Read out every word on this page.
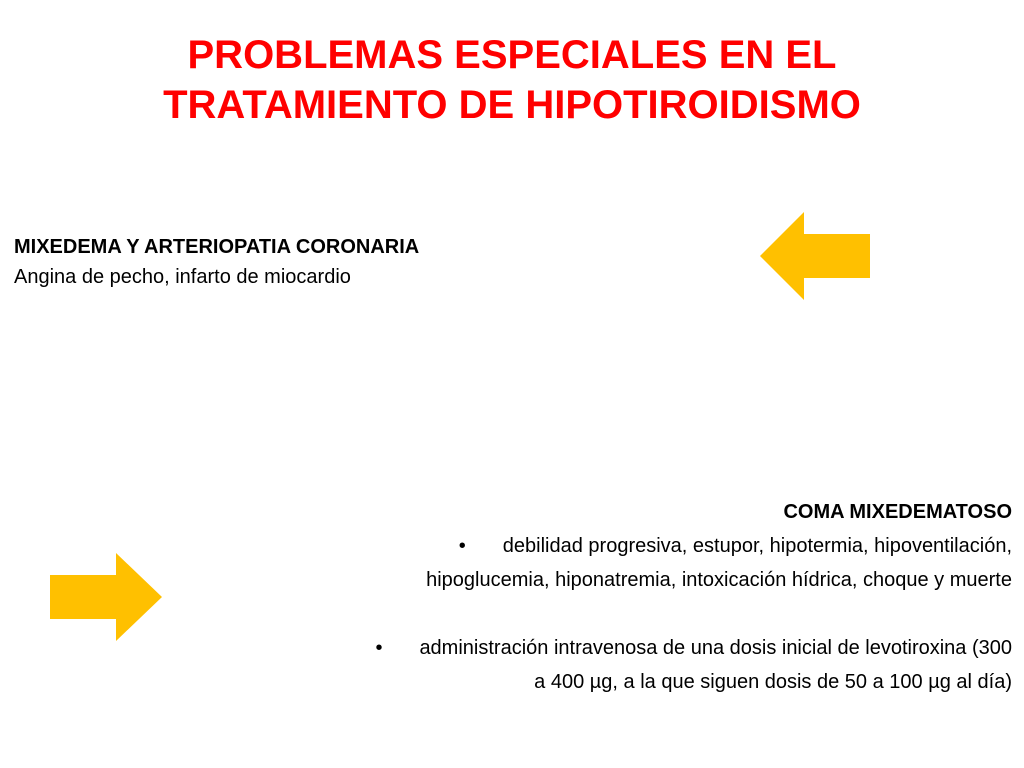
PROBLEMAS ESPECIALES EN EL
TRATAMIENTO DE HIPOTIROIDISMO

MIXEDEMA Y ARTERIOPATIA CORONARIA

Angina de pecho, infarto de miocardio

COMA MIXEDEMATOSO

• debilidad progresiva, estupor, hipotermia, hipoventilación,
hipoglucemia, hiponatremia, intoxicación hídrica, choque y muerte
• administración intravenosa de una dosis inicial de levotiroxina (300
a 400 µg, a la que siguen dosis de 50 a 100 µg al día)
